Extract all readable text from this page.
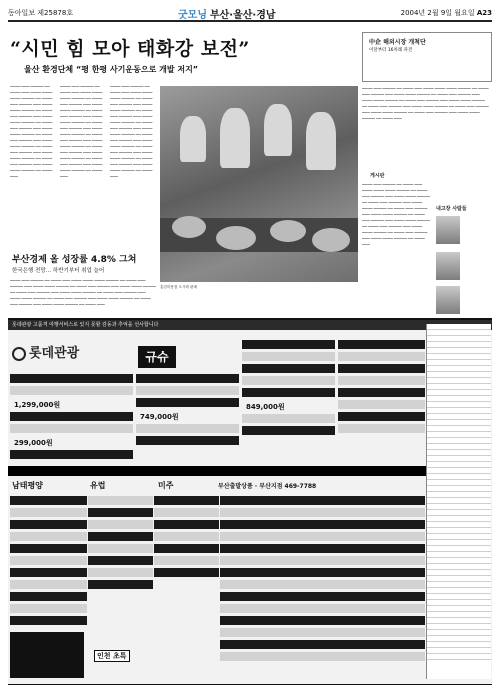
동아일보 제25878호	굿모닝 부산·울산·경남	2004년 2월 9일 월요일 A23
“시민 힘 모아 태화강 보전”
울산 환경단체 “평 한평 사기운동으로 개발 저지”
▁▁▁▁ ▁▁▁ ▁▁▁▁▁ ▁▁ ▁▁▁▁ ▁▁▁ ▁▁▁▁ ▁▁▁▁ ▁▁▁▁ ▁▁▁▁▁ ▁▁ ▁▁▁▁ ▁▁▁ ▁▁▁▁▁ ▁▁▁ ▁▁▁▁ ▁▁▁▁ ▁▁▁▁▁ ▁▁ ▁▁▁▁ ▁▁▁ ▁▁▁▁▁ ▁▁▁ ▁▁▁▁ ▁▁▁▁ ▁▁▁▁▁ ▁▁ ▁▁▁▁ ▁▁▁ ▁▁▁▁▁ ▁▁▁ ▁▁▁▁ ▁▁▁▁ ▁▁▁▁▁ ▁▁ ▁▁▁▁ ▁▁▁ ▁▁▁▁▁ ▁▁▁ ▁▁▁▁ ▁▁▁▁ ▁▁▁▁▁ ▁▁ ▁▁▁▁ ▁▁▁ ▁▁▁▁▁ ▁▁▁ ▁▁▁▁ ▁▁▁▁ ▁▁▁▁▁ ▁▁ ▁▁▁▁ ▁▁▁ ▁▁▁▁▁ ▁▁▁ ▁▁▁▁ ▁▁▁▁ ▁▁▁▁▁ ▁▁ ▁▁▁▁ ▁▁▁
▁▁▁▁ ▁▁▁ ▁▁▁▁▁ ▁▁ ▁▁▁▁ ▁▁▁ ▁▁▁▁ ▁▁▁▁ ▁▁▁▁ ▁▁▁▁▁ ▁▁ ▁▁▁▁ ▁▁▁ ▁▁▁▁▁ ▁▁▁ ▁▁▁▁ ▁▁▁▁ ▁▁▁▁▁ ▁▁ ▁▁▁▁ ▁▁▁ ▁▁▁▁▁ ▁▁▁ ▁▁▁▁ ▁▁▁▁ ▁▁▁▁▁ ▁▁ ▁▁▁▁ ▁▁▁ ▁▁▁▁▁ ▁▁▁ ▁▁▁▁ ▁▁▁▁ ▁▁▁▁▁ ▁▁ ▁▁▁▁ ▁▁▁ ▁▁▁▁▁ ▁▁▁ ▁▁▁▁ ▁▁▁▁ ▁▁▁▁▁ ▁▁ ▁▁▁▁ ▁▁▁ ▁▁▁▁▁ ▁▁▁ ▁▁▁▁ ▁▁▁▁ ▁▁▁▁▁ ▁▁ ▁▁▁▁ ▁▁▁ ▁▁▁▁▁ ▁▁▁ ▁▁▁▁ ▁▁▁▁ ▁▁▁▁▁ ▁▁ ▁▁▁▁ ▁▁▁
▁▁▁▁ ▁▁▁ ▁▁▁▁▁ ▁▁ ▁▁▁▁ ▁▁▁ ▁▁▁▁ ▁▁▁▁ ▁▁▁▁ ▁▁▁▁▁ ▁▁ ▁▁▁▁ ▁▁▁ ▁▁▁▁▁ ▁▁▁ ▁▁▁▁ ▁▁▁▁ ▁▁▁▁▁ ▁▁ ▁▁▁▁ ▁▁▁ ▁▁▁▁▁ ▁▁▁ ▁▁▁▁ ▁▁▁▁ ▁▁▁▁▁ ▁▁ ▁▁▁▁ ▁▁▁ ▁▁▁▁▁ ▁▁▁ ▁▁▁▁ ▁▁▁▁ ▁▁▁▁▁ ▁▁ ▁▁▁▁ ▁▁▁ ▁▁▁▁▁ ▁▁▁ ▁▁▁▁ ▁▁▁▁ ▁▁▁▁▁ ▁▁ ▁▁▁▁ ▁▁▁ ▁▁▁▁▁ ▁▁▁ ▁▁▁▁ ▁▁▁▁ ▁▁▁▁▁ ▁▁ ▁▁▁▁ ▁▁▁ ▁▁▁▁▁ ▁▁▁ ▁▁▁▁ ▁▁▁▁ ▁▁▁▁▁ ▁▁ ▁▁▁▁ ▁▁▁
홍감미용점 도시락 판매
부산경제 올 성장률 4.8% 그쳐
한국은행 전망… 하반기부터 취업 늘어
▁▁▁▁ ▁▁▁ ▁▁▁▁▁ ▁▁ ▁▁▁▁ ▁▁▁ ▁▁▁▁ ▁▁▁▁ ▁▁▁▁ ▁▁▁▁▁ ▁▁ ▁▁▁▁ ▁▁▁ ▁▁▁▁▁ ▁▁▁ ▁▁▁▁ ▁▁▁▁ ▁▁▁▁▁ ▁▁ ▁▁▁▁ ▁▁▁ ▁▁▁▁▁ ▁▁▁ ▁▁▁▁ ▁▁▁▁ ▁▁▁▁▁ ▁▁ ▁▁▁▁ ▁▁▁ ▁▁▁▁▁ ▁▁▁ ▁▁▁▁ ▁▁▁▁ ▁▁▁▁▁ ▁▁ ▁▁▁▁ ▁▁▁ ▁▁▁▁▁ ▁▁▁ ▁▁▁▁ ▁▁▁▁ ▁▁▁▁▁ ▁▁ ▁▁▁▁ ▁▁▁ ▁▁▁▁▁ ▁▁▁ ▁▁▁▁ ▁▁▁▁ ▁▁▁▁▁ ▁▁ ▁▁▁▁ ▁▁▁ ▁▁▁▁▁ ▁▁▁ ▁▁▁▁ ▁▁▁▁ ▁▁▁▁▁ ▁▁ ▁▁▁▁ ▁▁▁
中企 해외시장 개척단
이달부터 16차례 파견
▁▁▁▁ ▁▁▁ ▁▁▁▁▁ ▁▁ ▁▁▁▁ ▁▁▁ ▁▁▁▁ ▁▁▁▁ ▁▁▁▁ ▁▁▁▁▁ ▁▁ ▁▁▁▁ ▁▁▁ ▁▁▁▁▁ ▁▁▁ ▁▁▁▁ ▁▁▁▁ ▁▁▁▁▁ ▁▁ ▁▁▁▁ ▁▁▁ ▁▁▁▁▁ ▁▁▁ ▁▁▁▁ ▁▁▁▁ ▁▁▁▁▁ ▁▁ ▁▁▁▁ ▁▁▁ ▁▁▁▁▁ ▁▁▁ ▁▁▁▁ ▁▁▁▁ ▁▁▁▁▁ ▁▁ ▁▁▁▁ ▁▁▁ ▁▁▁▁▁ ▁▁▁ ▁▁▁▁ ▁▁▁▁ ▁▁▁▁▁ ▁▁ ▁▁▁▁ ▁▁▁ ▁▁▁▁▁ ▁▁▁ ▁▁▁▁ ▁▁▁▁ ▁▁▁▁▁ ▁▁ ▁▁▁▁ ▁▁▁ ▁▁▁▁▁ ▁▁▁ ▁▁▁▁ ▁▁▁▁ ▁▁▁▁▁ ▁▁ ▁▁▁▁ ▁▁▁
게시판
▁▁▁▁ ▁▁▁ ▁▁▁▁▁ ▁▁ ▁▁▁▁ ▁▁▁ ▁▁▁▁ ▁▁▁▁ ▁▁▁▁ ▁▁▁▁▁ ▁▁ ▁▁▁▁ ▁▁▁ ▁▁▁▁▁ ▁▁▁ ▁▁▁▁ ▁▁▁▁ ▁▁▁▁▁ ▁▁ ▁▁▁▁ ▁▁▁ ▁▁▁▁▁ ▁▁▁ ▁▁▁▁ ▁▁▁▁ ▁▁▁▁▁ ▁▁ ▁▁▁▁ ▁▁▁ ▁▁▁▁▁ ▁▁▁ ▁▁▁▁ ▁▁▁▁ ▁▁▁▁▁ ▁▁ ▁▁▁▁ ▁▁▁ ▁▁▁▁▁ ▁▁▁ ▁▁▁▁ ▁▁▁▁ ▁▁▁▁▁ ▁▁ ▁▁▁▁ ▁▁▁ ▁▁▁▁▁ ▁▁▁ ▁▁▁▁ ▁▁▁▁ ▁▁▁▁▁ ▁▁ ▁▁▁▁ ▁▁▁ ▁▁▁▁▁ ▁▁▁ ▁▁▁▁ ▁▁▁▁ ▁▁▁▁▁ ▁▁ ▁▁▁▁ ▁▁▁
내고장 사람들
롯데관광 고품격 여행서비스로 있지 못할 감동과 추억을 선사합니다
롯데관광	규슈
1,299,000원
299,000원
749,000원
849,000원
남태평양	유럽	미주	부산출발상품 · 부산지점 469-7788
인천 초특
